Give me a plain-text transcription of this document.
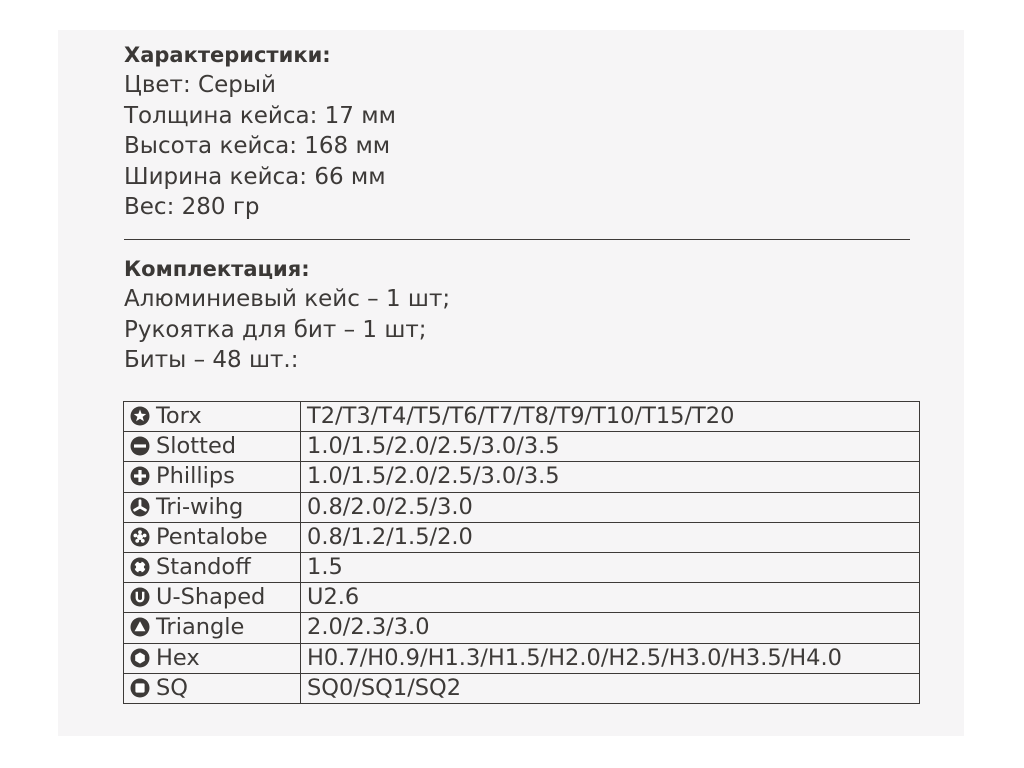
Характеристики:

Цвет: Серый

Толщина кейса: 17 мм

Высота кейса: 168 мм

Ширина кейса: 66 мм

Вес: 280 гр

Комплектация:

Алюминиевый кейс – 1 шт;

Рукоятка для бит – 1 шт;

Биты – 48 шт.:

Torx	T2/T3/T4/T5/T6/T7/T8/T9/T10/T15/T20

Slotted	1.0/1.5/2.0/2.5/3.0/3.5

Phillips	1.0/1.5/2.0/2.5/3.0/3.5

Tri-wihg	0.8/2.0/2.5/3.0

Pentalobe	0.8/1.2/1.5/2.0

Standoff	1.5

U-Shaped	U2.6

Triangle	2.0/2.3/3.0

Hex	H0.7/H0.9/H1.3/H1.5/H2.0/H2.5/H3.0/H3.5/H4.0

SQ	SQ0/SQ1/SQ2
